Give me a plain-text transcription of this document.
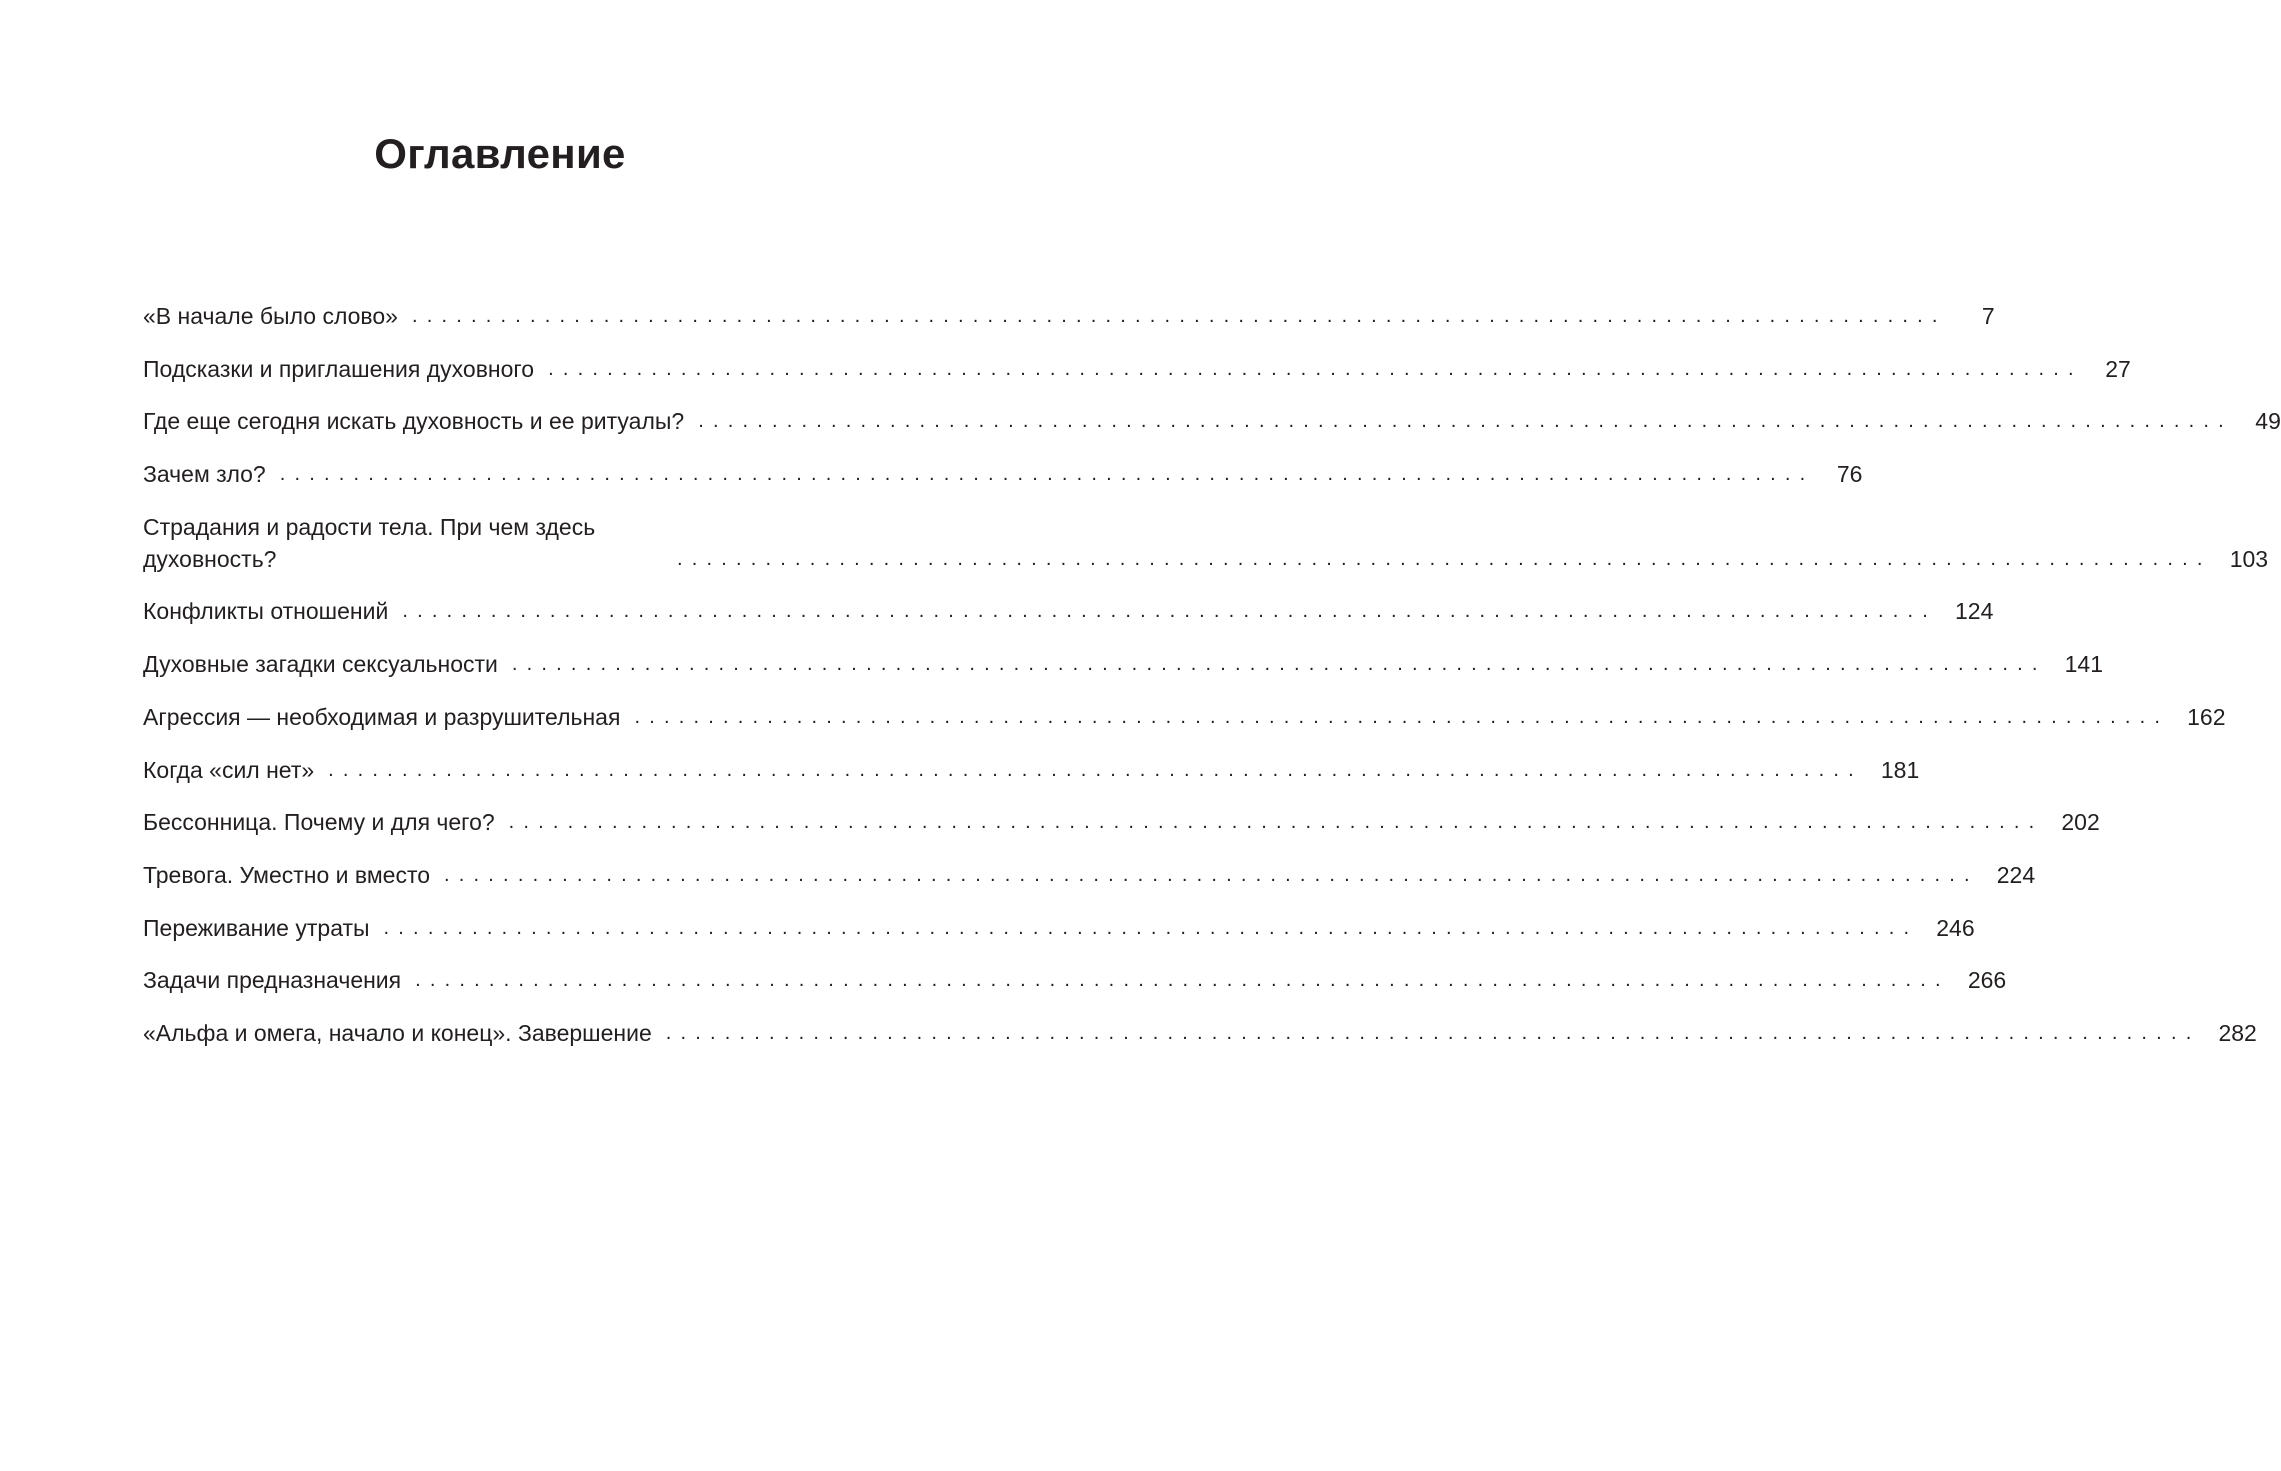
Оглавление
«В начале было слово» ........................................................................................................	7
Подсказки и приглашения духовного ........................................................................................................ 27
Где еще сегодня искать духовность и ее ритуалы? ........................................................................................................ 49
Зачем зло? ........................................................................................................ 76
Страдания и радости тела. При чем здесь духовность?	........................................................................................................ 103
Конфликты отношений ........................................................................................................ 124
Духовные загадки сексуальности ........................................................................................................ 141
Агрессия — необходимая и разрушительная ........................................................................................................ 162
Когда «сил нет» ........................................................................................................ 181
Бессонница. Почему и для чего? ........................................................................................................ 202
Тревога. Уместно и вместо ........................................................................................................ 224
Переживание утраты ........................................................................................................ 246
Задачи предназначения ........................................................................................................ 266
«Альфа и омега, начало и конец». Завершение ........................................................................................................ 282
